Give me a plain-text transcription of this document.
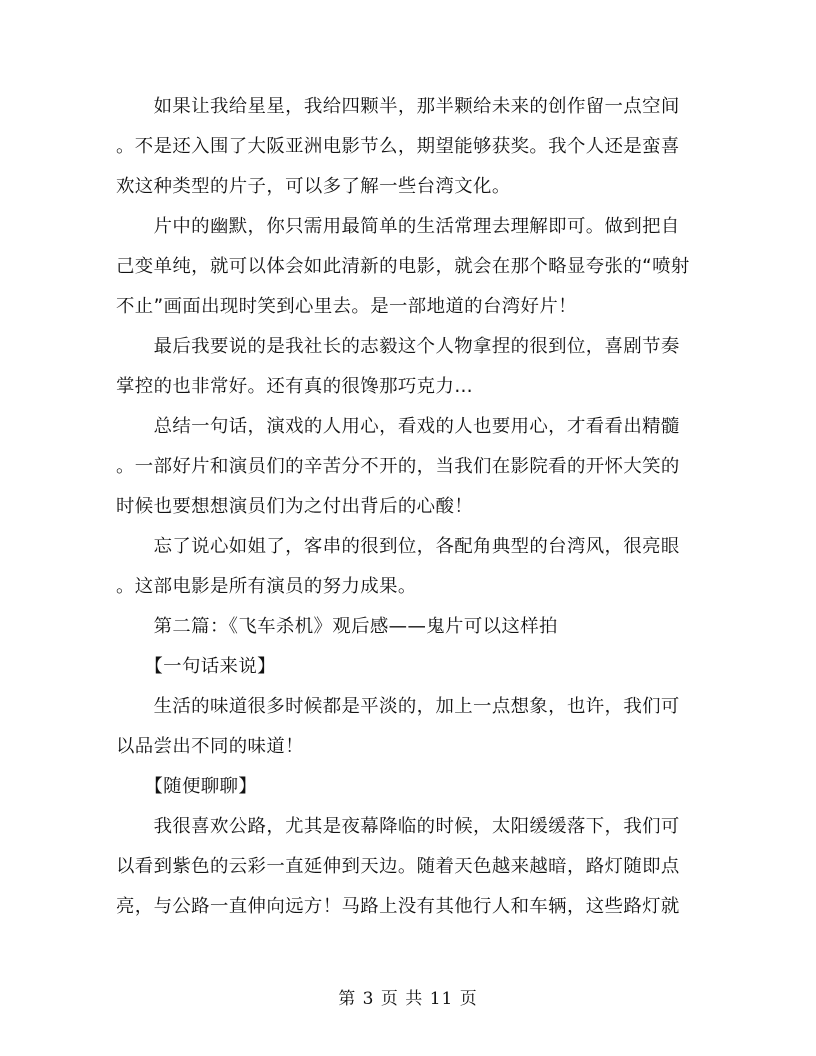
　　如果让我给星星，我给四颗半，那半颗给未来的创作留一点空间
。不是还入围了大阪亚洲电影节么，期望能够获奖。我个人还是蛮喜
欢这种类型的片子，可以多了解一些台湾文化。
　　片中的幽默，你只需用最简单的生活常理去理解即可。做到把自
己变单纯，就可以体会如此清新的电影，就会在那个略显夸张的“喷射
不止”画面出现时笑到心里去。是一部地道的台湾好片！
　　最后我要说的是我社长的志毅这个人物拿捏的很到位，喜剧节奏
掌控的也非常好。还有真的很馋那巧克力…
　　总结一句话，演戏的人用心，看戏的人也要用心，才看看出精髓
。一部好片和演员们的辛苦分不开的，当我们在影院看的开怀大笑的
时候也要想想演员们为之付出背后的心酸！
　　忘了说心如姐了，客串的很到位，各配角典型的台湾风，很亮眼
。这部电影是所有演员的努力成果。
　　第二篇：《飞车杀机》观后感——鬼片可以这样拍
　　【一句话来说】
　　生活的味道很多时候都是平淡的，加上一点想象，也许，我们可
以品尝出不同的味道！
　　【随便聊聊】
　　我很喜欢公路，尤其是夜幕降临的时候，太阳缓缓落下，我们可
以看到紫色的云彩一直延伸到天边。随着天色越来越暗，路灯随即点
亮，与公路一直伸向远方！马路上没有其他行人和车辆，这些路灯就
第 3 页 共 11 页
